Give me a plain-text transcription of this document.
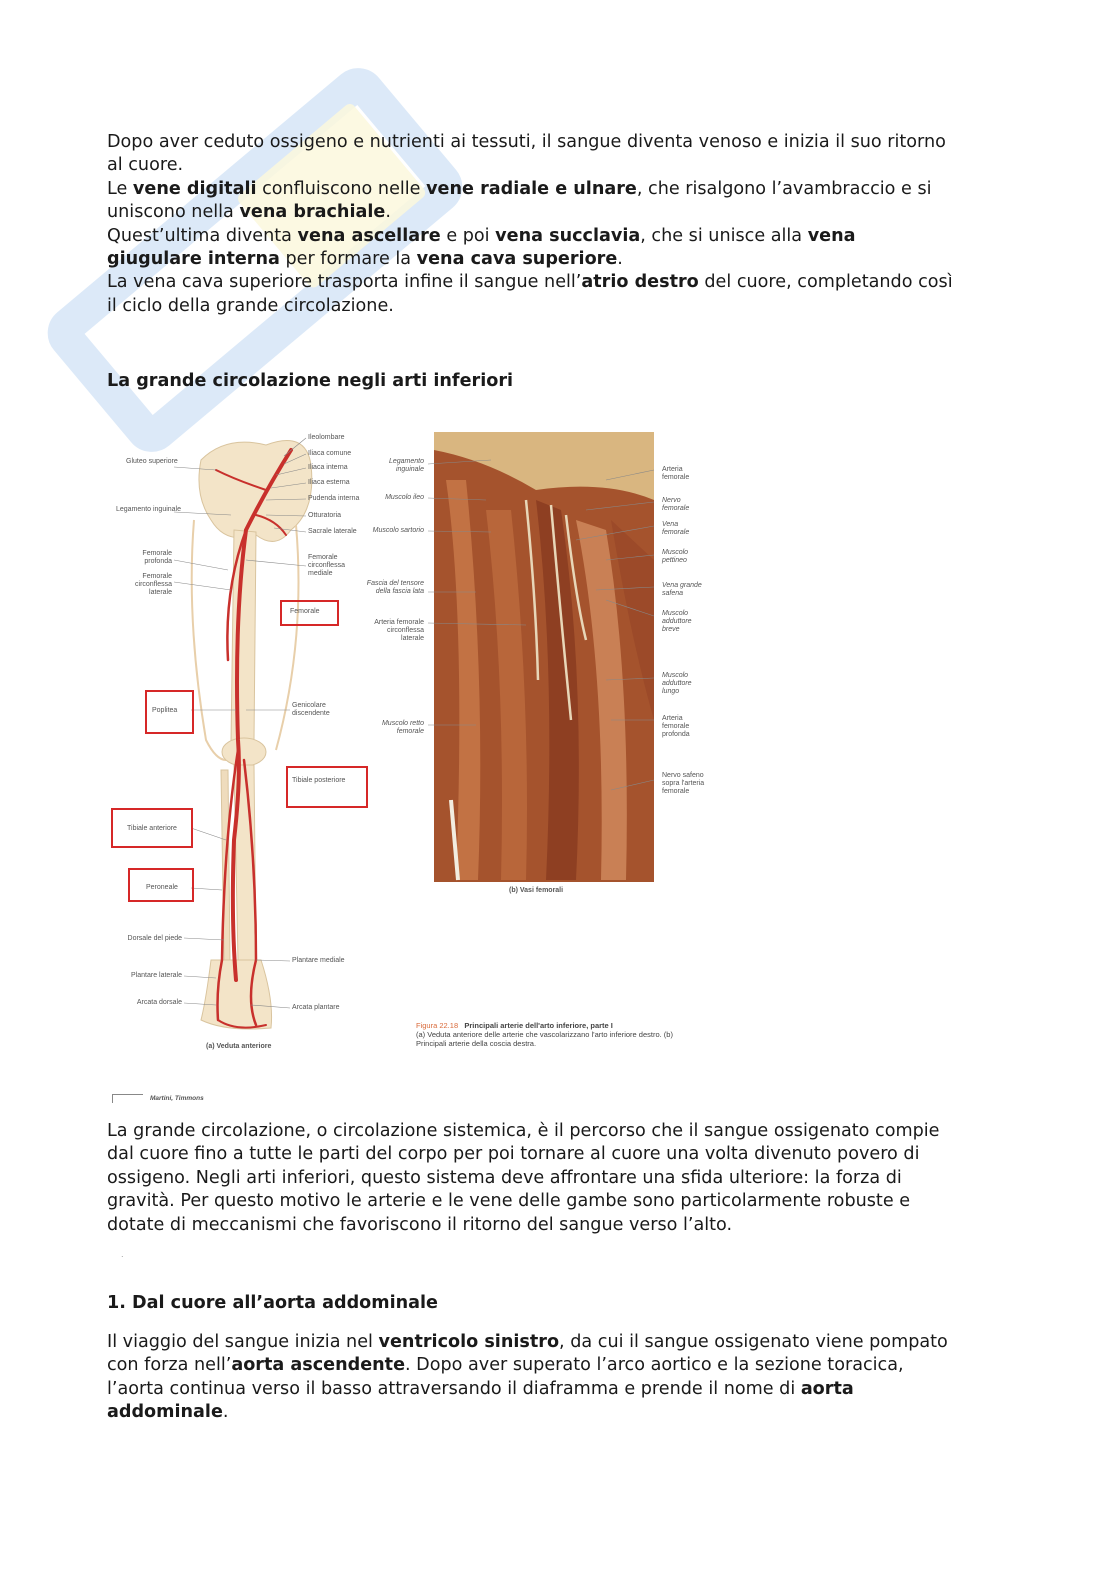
Dopo aver ceduto ossigeno e nutrienti ai tessuti, il sangue diventa venoso e inizia il suo ritorno
al cuore.
Le vene digitali confluiscono nelle vene radiale e ulnare, che risalgono l’avambraccio e si
uniscono nella vena brachiale.
Quest’ultima diventa vena ascellare e poi vena succlavia, che si unisce alla vena
giugulare interna per formare la vena cava superiore.
La vena cava superiore trasporta infine il sangue nell’atrio destro del cuore, completando così
il ciclo della grande circolazione.
La grande circolazione negli arti inferiori
Gluteo superiore
Legamento inguinale
Femorale profonda
Femorale circonflessa laterale
Dorsale del piede
Plantare laterale
Arcata dorsale
Ileolombare
Iliaca comune
Iliaca interna
Iliaca esterna
Pudenda interna
Otturatoria
Sacrale laterale
Femorale circonflessa mediale
Genicolare discendente
Plantare mediale
Arcata plantare
Femorale
Poplitea
Tibiale posteriore
Tibiale anteriore
Peroneale
(a) Veduta anteriore
Legamento inguinale
Muscolo ileo
Muscolo sartorio
Fascia del tensore della fascia lata
Arteria femorale circonflessa laterale
Muscolo retto femorale
Arteria femorale
Nervo femorale
Vena femorale
Muscolo pettineo
Vena grande safena
Muscolo adduttore breve
Muscolo adduttore lungo
Arteria femorale profonda
Nervo safeno sopra l'arteria femorale
(b) Vasi femorali
Figura 22.18 Principali arterie dell'arto inferiore, parte I
(a) Veduta anteriore delle arterie che vascolarizzano l'arto inferiore destro. (b)
Principali arterie della coscia destra.
Martini, Timmons
La grande circolazione, o circolazione sistemica, è il percorso che il sangue ossigenato compie
dal cuore fino a tutte le parti del corpo per poi tornare al cuore una volta divenuto povero di
ossigeno. Negli arti inferiori, questo sistema deve affrontare una sfida ulteriore: la forza di
gravità. Per questo motivo le arterie e le vene delle gambe sono particolarmente robuste e
dotate di meccanismi che favoriscono il ritorno del sangue verso l’alto.
.
1. Dal cuore all’aorta addominale
Il viaggio del sangue inizia nel ventricolo sinistro, da cui il sangue ossigenato viene pompato
con forza nell’aorta ascendente. Dopo aver superato l’arco aortico e la sezione toracica,
l’aorta continua verso il basso attraversando il diaframma e prende il nome di aorta
addominale.
